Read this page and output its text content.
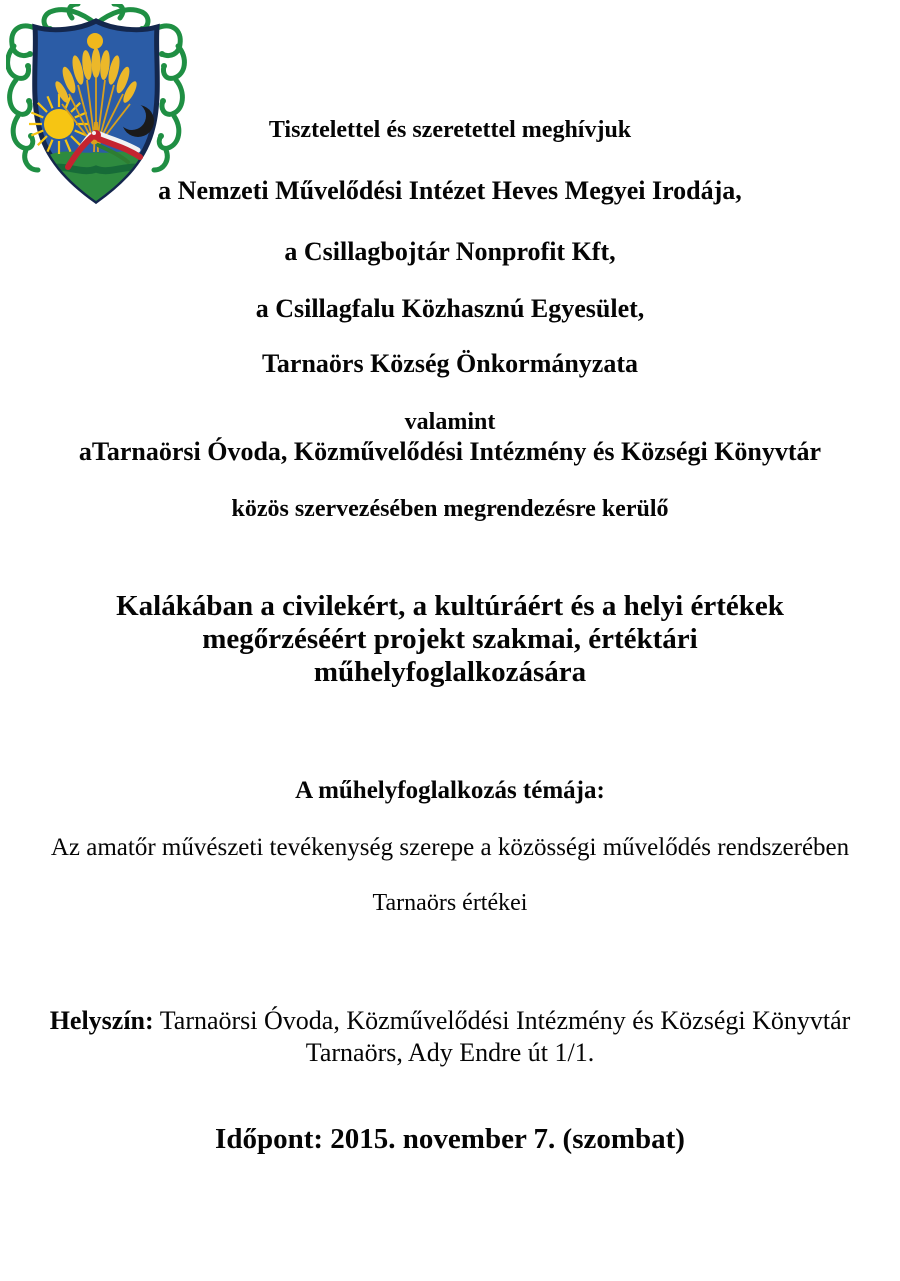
Tisztelettel és szeretettel meghívjuk
a Nemzeti Művelődési Intézet Heves Megyei Irodája,
a Csillagbojtár Nonprofit Kft,
a Csillagfalu Közhasznú Egyesület,
Tarnaörs Község Önkormányzata
valamint
aTarnaörsi Óvoda, Közművelődési Intézmény és Községi Könyvtár
közös szervezésében megrendezésre kerülő
Kalákában a civilekért, a kultúráért és a helyi értékek
megőrzéséért projekt szakmai, értéktári
műhelyfoglalkozására
A műhelyfoglalkozás témája:
Az amatőr művészeti tevékenység szerepe a közösségi művelődés rendszerében
Tarnaörs értékei
Helyszín: Tarnaörsi Óvoda, Közművelődési Intézmény és Községi Könyvtár
Tarnaörs, Ady Endre út 1/1.
Időpont: 2015. november 7. (szombat)
